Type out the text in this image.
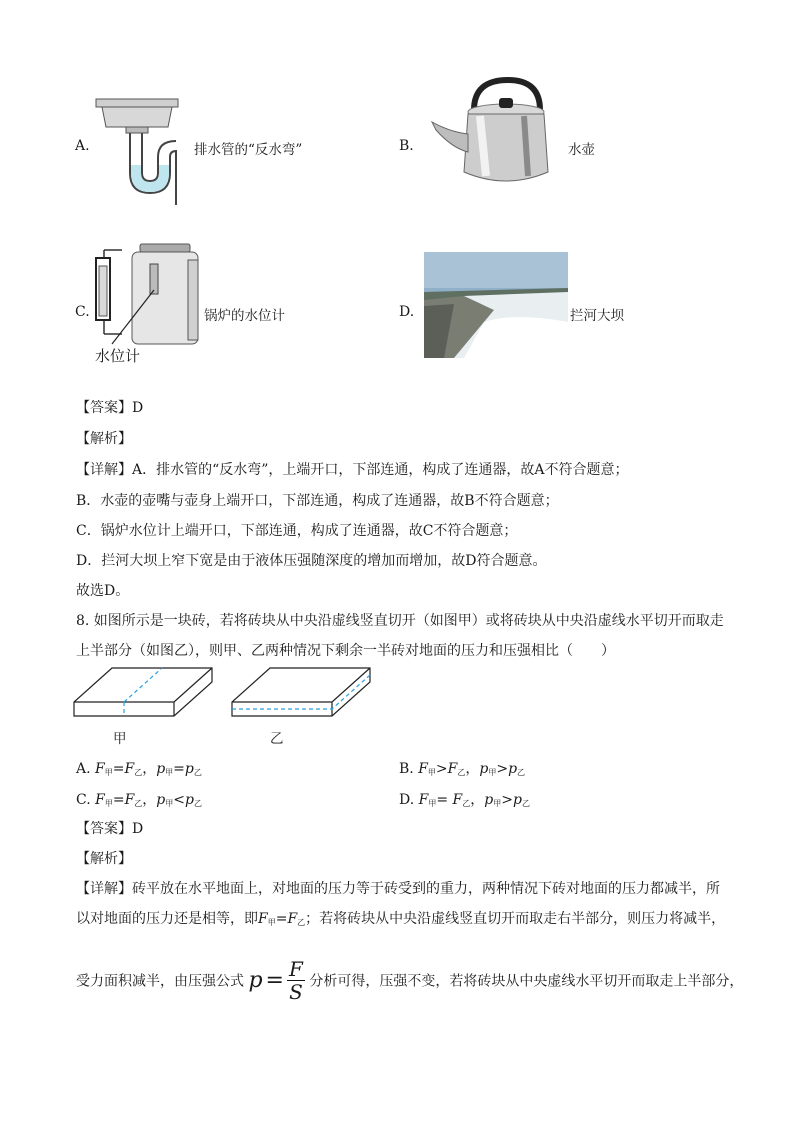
A.	排水管的“反水弯”	B.	水壶
C.
水位计
锅炉的水位计	D.	拦河大坝
【答案】D
【解析】
【详解】A．排水管的“反水弯”，上端开口，下部连通，构成了连通器，故A不符合题意；
B．水壶的壶嘴与壶身上端开口，下部连通，构成了连通器，故B不符合题意；
C．锅炉水位计上端开口，下部连通，构成了连通器，故C不符合题意；
D．拦河大坝上窄下宽是由于液体压强随深度的增加而增加，故D符合题意。
故选D。
8. 如图所示是一块砖，若将砖块从中央沿虚线竖直切开（如图甲）或将砖块从中央沿虚线水平切开而取走
上半部分（如图乙），则甲、乙两种情况下剩余一半砖对地面的压力和压强相比（　　）
甲	乙
A. $F_甲=F_乙$，$p_甲=p_乙$	B. $F_甲>F_乙$，$p_甲>p_乙$
C. $F_甲=F_乙$，$p_甲<p_乙$	D. $F_甲= F_乙$，$p_甲>p_乙$
【答案】D
【解析】
【详解】砖平放在水平地面上，对地面的压力等于砖受到的重力，两种情况下砖对地面的压力都减半，所
以对地面的压力还是相等，即$F_甲=F_乙$；若将砖块从中央沿虚线竖直切开而取走右半部分，则压力将减半，
受力面积减半，由压强公式 $p = \frac{F}{S}$ 分析可得，压强不变，若将砖块从中央虚线水平切开而取走上半部分，
